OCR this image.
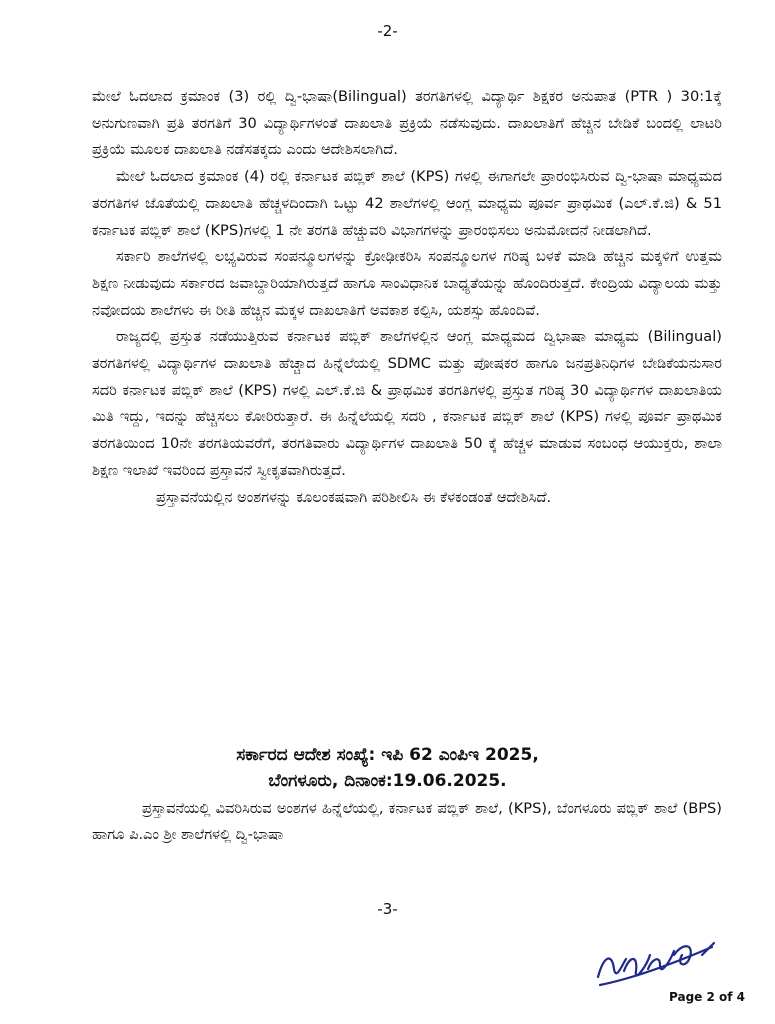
-2-

ಮೇಲೆ ಓದಲಾದ ಕ್ರಮಾಂಕ (3) ರಲ್ಲಿ ದ್ವಿ-ಭಾಷಾ(Bilingual) ತರಗತಿಗಳಲ್ಲಿ ವಿದ್ಯಾರ್ಥಿ ಶಿಕ್ಷಕರ ಅನುಪಾತ (PTR ) 30:1ಕ್ಕೆ ಅನುಗುಣವಾಗಿ ಪ್ರತಿ ತರಗತಿಗೆ 30 ವಿದ್ಯಾರ್ಥಿಗಳಂತೆ ದಾಖಲಾತಿ ಪ್ರಕ್ರಿಯೆ ನಡೆಸುವುದು. ದಾಖಲಾತಿಗೆ ಹೆಚ್ಚಿನ ಬೇಡಿಕೆ ಬಂದಲ್ಲಿ ಲಾಟರಿ ಪ್ರಕ್ರಿಯೆ ಮೂಲಕ ದಾಖಲಾತಿ ನಡೆಸತಕ್ಕದು ಎಂದು ಆದೇಶಿಸಲಾಗಿದೆ.

ಮೇಲೆ ಓದಲಾದ ಕ್ರಮಾಂಕ (4) ರಲ್ಲಿ ಕರ್ನಾಟಕ ಪಬ್ಲಿಕ್ ಶಾಲೆ (KPS) ಗಳಲ್ಲಿ ಈಗಾಗಲೇ ಪ್ರಾರಂಭಿಸಿರುವ ದ್ವಿ-ಭಾಷಾ ಮಾಧ್ಯಮದ ತರಗತಿಗಳ ಜೊತೆಯಲ್ಲಿ ದಾಖಲಾತಿ ಹೆಚ್ಚಳದಿಂದಾಗಿ ಒಟ್ಟು 42 ಶಾಲೆಗಳಲ್ಲಿ ಆಂಗ್ಲ ಮಾಧ್ಯಮ ಪೂರ್ವ ಪ್ರಾಥಮಿಕ (ಎಲ್.ಕೆ.ಜಿ) & 51 ಕರ್ನಾಟಕ ಪಬ್ಲಿಕ್ ಶಾಲೆ (KPS)ಗಳಲ್ಲಿ 1 ನೇ ತರಗತಿ ಹೆಚ್ಚುವರಿ ವಿಭಾಗಗಳನ್ನು ಪ್ರಾರಂಭಿಸಲು ಅನುಮೋದನೆ ನೀಡಲಾಗಿದೆ.

ಸರ್ಕಾರಿ ಶಾಲೆಗಳಲ್ಲಿ ಲಭ್ಯವಿರುವ ಸಂಪನ್ಮೂಲಗಳನ್ನು ಕ್ರೋಢೀಕರಿಸಿ ಸಂಪನ್ಮೂಲಗಳ ಗರಿಷ್ಠ ಬಳಕೆ ಮಾಡಿ ಹೆಚ್ಚಿನ ಮಕ್ಕಳಿಗೆ ಉತ್ತಮ ಶಿಕ್ಷಣ ನೀಡುವುದು ಸರ್ಕಾರದ ಜವಾಬ್ದಾರಿಯಾಗಿರುತ್ತದೆ ಹಾಗೂ ಸಾಂವಿಧಾನಿಕ ಬಾಧ್ಯತೆಯನ್ನು ಹೊಂದಿರುತ್ತದೆ. ಕೇಂದ್ರಿಯ ವಿದ್ಯಾಲಯ ಮತ್ತು ನವೋದಯ ಶಾಲೆಗಳು ಈ ರೀತಿ ಹೆಚ್ಚಿನ ಮಕ್ಕಳ ದಾಖಲಾತಿಗೆ ಅವಕಾಶ ಕಲ್ಪಿಸಿ, ಯಶಸ್ಸು ಹೊಂದಿವೆ.

ರಾಜ್ಯದಲ್ಲಿ ಪ್ರಸ್ತುತ ನಡೆಯುತ್ತಿರುವ ಕರ್ನಾಟಕ ಪಬ್ಲಿಕ್ ಶಾಲೆಗಳಲ್ಲಿನ ಆಂಗ್ಲ ಮಾಧ್ಯಮದ ದ್ವಿಭಾಷಾ ಮಾಧ್ಯಮ (Bilingual) ತರಗತಿಗಳಲ್ಲಿ ವಿದ್ಯಾರ್ಥಿಗಳ ದಾಖಲಾತಿ ಹೆಚ್ಚಾದ ಹಿನ್ನೆಲೆಯಲ್ಲಿ SDMC ಮತ್ತು ಪೋಷಕರ ಹಾಗೂ ಜನಪ್ರತಿನಿಧಿಗಳ ಬೇಡಿಕೆಯನುಸಾರ ಸದರಿ ಕರ್ನಾಟಕ ಪಬ್ಲಿಕ್ ಶಾಲೆ (KPS) ಗಳಲ್ಲಿ ಎಲ್.ಕೆ.ಜಿ & ಪ್ರಾಥಮಿಕ ತರಗತಿಗಳಲ್ಲಿ ಪ್ರಸ್ತುತ ಗರಿಷ್ಠ 30 ವಿದ್ಯಾರ್ಥಿಗಳ ದಾಖಲಾತಿಯ ಮಿತಿ ಇದ್ದು, ಇದನ್ನು ಹೆಚ್ಚಿಸಲು ಕೋರಿರುತ್ತಾರೆ. ಈ ಹಿನ್ನೆಲೆಯಲ್ಲಿ ಸದರಿ , ಕರ್ನಾಟಕ ಪಬ್ಲಿಕ್ ಶಾಲೆ (KPS) ಗಳಲ್ಲಿ ಪೂರ್ವ ಪ್ರಾಥಮಿಕ ತರಗತಿಯಿಂದ 10ನೇ ತರಗತಿಯವರೆಗೆ, ತರಗತಿವಾರು ವಿದ್ಯಾರ್ಥಿಗಳ ದಾಖಲಾತಿ 50 ಕ್ಕೆ ಹೆಚ್ಚಳ ಮಾಡುವ ಸಂಬಂಧ ಆಯುಕ್ತರು, ಶಾಲಾ ಶಿಕ್ಷಣ ಇಲಾಖೆ ಇವರಿಂದ ಪ್ರಸ್ತಾವನೆ ಸ್ವೀಕೃತವಾಗಿರುತ್ತದೆ.

ಪ್ರಸ್ತಾವನೆಯಲ್ಲಿನ ಅಂಶಗಳನ್ನು ಕೂಲಂಕಷವಾಗಿ ಪರಿಶೀಲಿಸಿ ಈ ಕೆಳಕಂಡಂತೆ ಆದೇಶಿಸಿದೆ.

ಸರ್ಕಾರದ ಆದೇಶ ಸಂಖ್ಯೆ: ಇಪಿ 62 ಎಂಪಿಇ 2025,
ಬೆಂಗಳೂರು, ದಿನಾಂಕ:19.06.2025.

ಪ್ರಸ್ತಾವನೆಯಲ್ಲಿ ವಿವರಿಸಿರುವ ಅಂಶಗಳ ಹಿನ್ನೆಲೆಯಲ್ಲಿ, ಕರ್ನಾಟಕ ಪಬ್ಲಿಕ್ ಶಾಲೆ, (KPS), ಬೆಂಗಳೂರು ಪಬ್ಲಿಕ್ ಶಾಲೆ (BPS) ಹಾಗೂ ಪಿ.ಎಂ ಶ್ರೀ ಶಾಲೆಗಳಲ್ಲಿ ದ್ವಿ-ಭಾಷಾ

-3-
Page 2 of 4
